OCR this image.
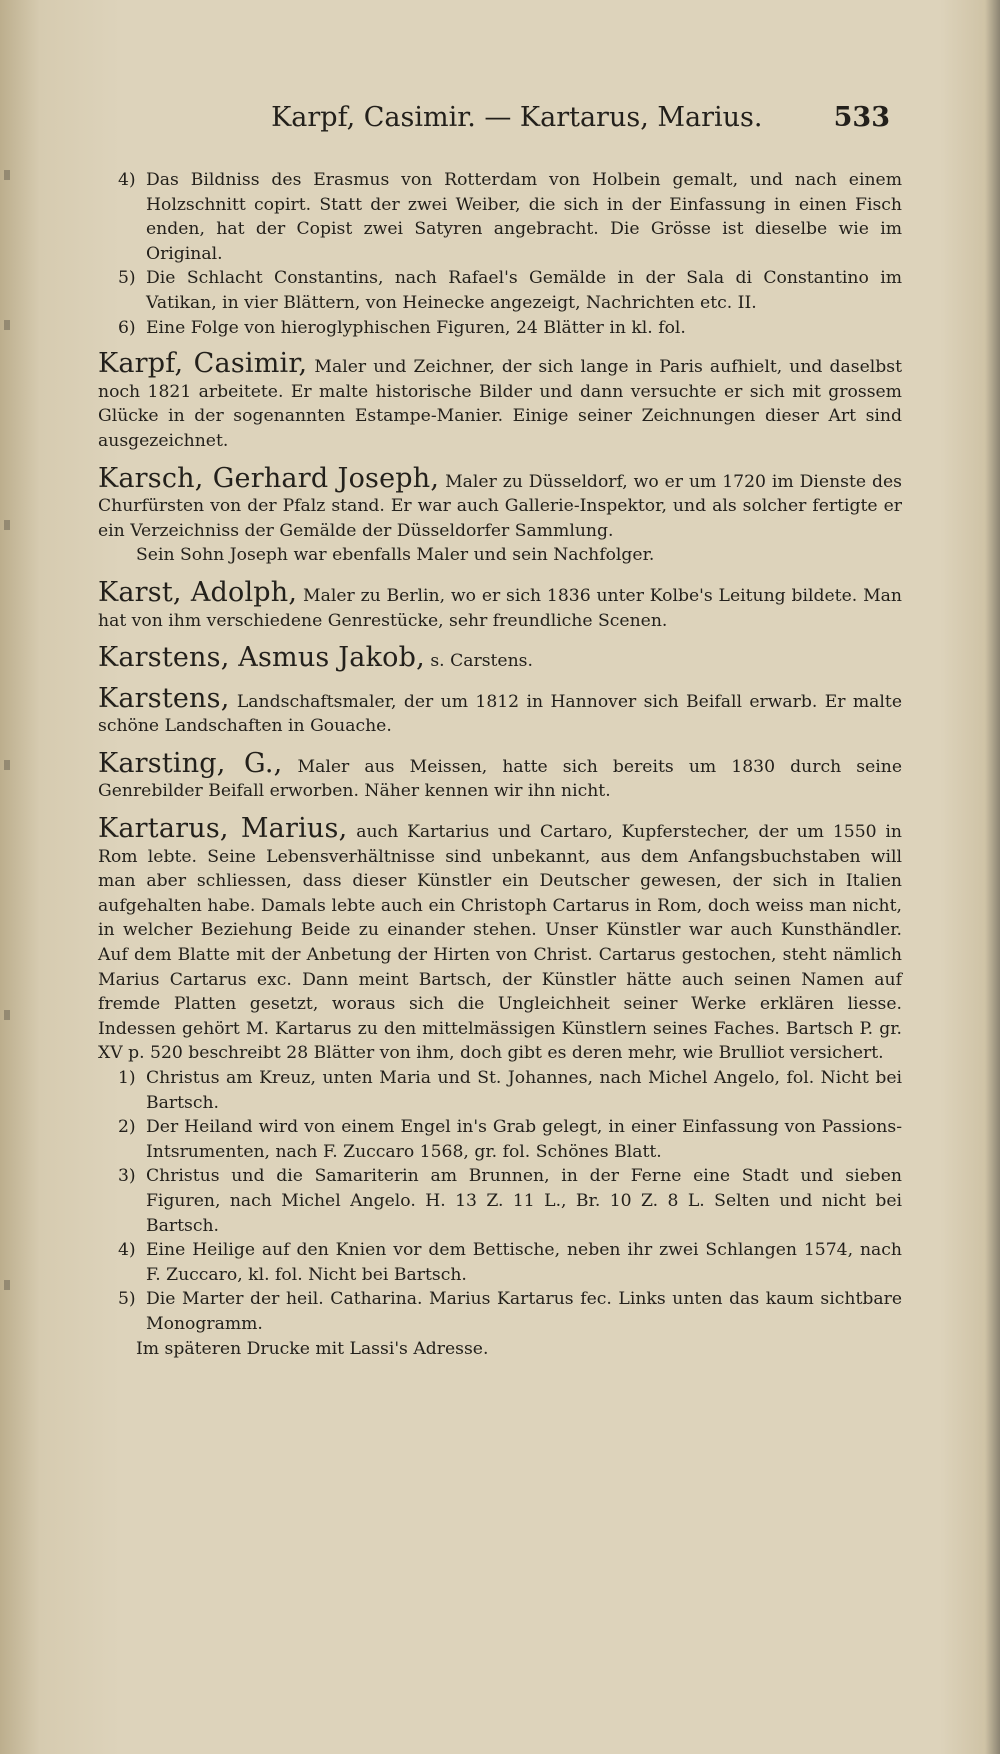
Karpf, Casimir. — Kartarus, Marius.	533
4) Das Bildniss des Erasmus von Rotterdam von Holbein gemalt, und nach einem Holzschnitt copirt. Statt der zwei Weiber, die sich in der Einfassung in einen Fisch enden, hat der Copist zwei Satyren angebracht. Die Grösse ist dieselbe wie im Original.
5) Die Schlacht Constantins, nach Rafael's Gemälde in der Sala di Constantino im Vatikan, in vier Blättern, von Heinecke angezeigt, Nachrichten etc. II.
6) Eine Folge von hieroglyphischen Figuren, 24 Blätter in kl. fol.
Karpf, Casimir, Maler und Zeichner, der sich lange in Paris aufhielt, und daselbst noch 1821 arbeitete. Er malte historische Bilder und dann versuchte er sich mit grossem Glücke in der sogenannten Estampe-Manier. Einige seiner Zeichnungen dieser Art sind ausgezeichnet.
Karsch, Gerhard Joseph, Maler zu Düsseldorf, wo er um 1720 im Dienste des Churfürsten von der Pfalz stand. Er war auch Gallerie-Inspektor, und als solcher fertigte er ein Verzeichniss der Gemälde der Düsseldorfer Sammlung.
Sein Sohn Joseph war ebenfalls Maler und sein Nachfolger.
Karst, Adolph, Maler zu Berlin, wo er sich 1836 unter Kolbe's Leitung bildete. Man hat von ihm verschiedene Genrestücke, sehr freundliche Scenen.
Karstens, Asmus Jakob, s. Carstens.
Karstens, Landschaftsmaler, der um 1812 in Hannover sich Beifall erwarb. Er malte schöne Landschaften in Gouache.
Karsting, G., Maler aus Meissen, hatte sich bereits um 1830 durch seine Genrebilder Beifall erworben. Näher kennen wir ihn nicht.
Kartarus, Marius, auch Kartarius und Cartaro, Kupferstecher, der um 1550 in Rom lebte. Seine Lebensverhältnisse sind unbekannt, aus dem Anfangsbuchstaben will man aber schliessen, dass dieser Künstler ein Deutscher gewesen, der sich in Italien aufgehalten habe. Damals lebte auch ein Christoph Cartarus in Rom, doch weiss man nicht, in welcher Beziehung Beide zu einander stehen. Unser Künstler war auch Kunsthändler. Auf dem Blatte mit der Anbetung der Hirten von Christ. Cartarus gestochen, steht nämlich Marius Cartarus exc. Dann meint Bartsch, der Künstler hätte auch seinen Namen auf fremde Platten gesetzt, woraus sich die Ungleichheit seiner Werke erklären liesse. Indessen gehört M. Kartarus zu den mittelmässigen Künstlern seines Faches. Bartsch P. gr. XV p. 520 beschreibt 28 Blätter von ihm, doch gibt es deren mehr, wie Brulliot versichert.
1) Christus am Kreuz, unten Maria und St. Johannes, nach Michel Angelo, fol. Nicht bei Bartsch.
2) Der Heiland wird von einem Engel in's Grab gelegt, in einer Einfassung von Passions-Intsrumenten, nach F. Zuccaro 1568, gr. fol. Schönes Blatt.
3) Christus und die Samariterin am Brunnen, in der Ferne eine Stadt und sieben Figuren, nach Michel Angelo. H. 13 Z. 11 L., Br. 10 Z. 8 L. Selten und nicht bei Bartsch.
4) Eine Heilige auf den Knien vor dem Bettische, neben ihr zwei Schlangen 1574, nach F. Zuccaro, kl. fol. Nicht bei Bartsch.
5) Die Marter der heil. Catharina. Marius Kartarus fec. Links unten das kaum sichtbare Monogramm.
Im späteren Drucke mit Lassi's Adresse.
